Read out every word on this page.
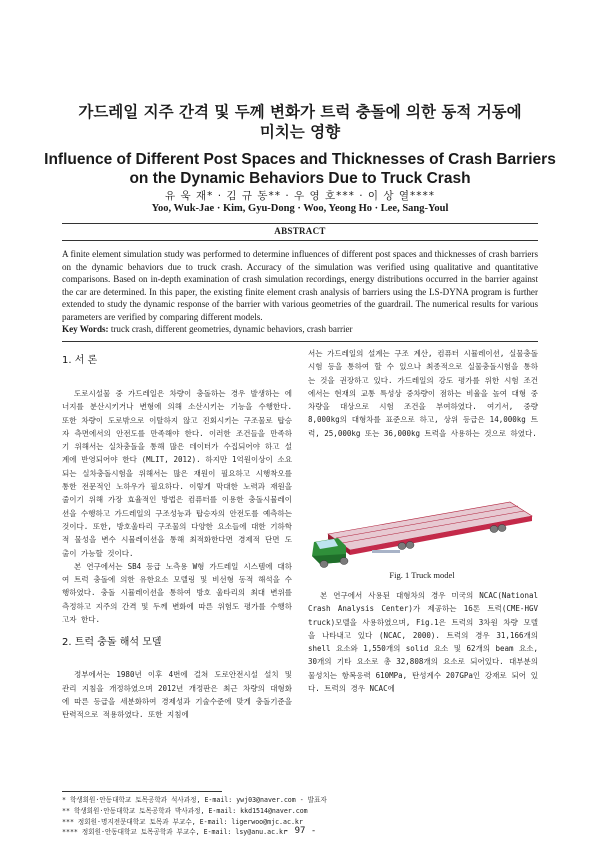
가드레일 지주 간격 및 두께 변화가 트럭 충돌에 의한 동적 거동에
미치는 영향
Influence of Different Post Spaces and Thicknesses of Crash Barriers
on the Dynamic Behaviors Due to Truck Crash
유 욱 재* · 김 규 동** · 우 영 호*** · 이 상 열****
Yoo, Wuk-Jae · Kim, Gyu-Dong · Woo, Yeong Ho · Lee, Sang-Youl
ABSTRACT
A finite element simulation study was performed to determine influences of different post spaces and thicknesses of crash barriers on the dynamic behaviors due to truck crash. Accuracy of the simulation was verified using qualitative and quantitative comparisons. Based on in-depth examination of crash simulation recordings, energy distributions occurred in the barrier against the car are determined. In this paper, the existing finite element crash analysis of barriers using the LS-DYNA program is further extended to study the dynamic response of the barrier with various geometries of the guardrail. The numerical results for various parameters are verified by comparing different models.
Key Words: truck crash, different geometries, dynamic behaviors, crash barrier
1. 서 론

도로시설물 중 가드레일은 차량이 충돌하는 경우 발생하는 에너지를 분산시키거나 변형에 의해 소산시키는 기능을 수행한다. 또한 차량이 도로밖으로 이탈하지 않고 진회시키는 구조물로 탑승자 측면에서의 안전도를 만족해야 한다. 이러한 조건들을 만족하기 위해서는 실차충돌을 통해 많은 데이터가 수집되어야 하고 설계에 반영되어야 한다 (MLIT, 2012). 하지만 1억원이상이 소요되는 실차충돌시험을 위해서는 많은 재원이 필요하고 시행착오를 통한 전문적인 노하우가 필요하다. 이렇게 막대한 노력과 재원을 줄이기 위해 가장 효율적인 방법은 컴퓨터를 이용한 충돌시뮬레이션을 수행하고 가드레일의 구조성능과 탑승자의 안전도를 예측하는 것이다. 또한, 방호울타리 구조물의 다양한 요소들에 대한 기하학적 물성을 변수 시뮬레이션을 통해 최적화한다면 경제적 단면 도출이 가능할 것이다.

본 연구에서는 SB4 등급 노측용 W형 가드레일 시스템에 대하여 트럭 충돌에 의한 유한요소 모델링 및 비선형 동적 해석을 수행하였다. 충돌 시뮬레이션을 통하여 방호 울타리의 최대 변위를 측정하고 지주의 간격 및 두께 변화에 따른 위험도 평가를 수행하고자 한다.

2. 트럭 충돌 해석 모델

정부에서는 1980년 이후 4번에 걸쳐 도로안전시설 설치 및 관리 지침을 개정하였으며 2012년 개정판은 최근 차량의 대형화에 따른 등급을 세분화하여 경제성과 기술수준에 맞게 충돌기준을 탄력적으로 적용하였다. 또한 지침에

서는 가드레일의 설계는 구조 계산, 컴퓨터 시뮬레이션, 실물충돌시험 등을 통하여 할 수 있으나 최종적으로 실물충돌시험을 통하는 것을 권장하고 있다. 가드레일의 강도 평가를 위한 시험 조건에서는 현재의 교통 특성상 중차량이 점하는 비율을 높여 대형 중차량을 대상으로 시험 조건을 부여하였다. 여기서, 중량 8,000kg의 대형차를 표준으로 하고, 상위 등급은 14,000kg 트럭, 25,000kg 또는 36,000kg 트럭을 사용하는 것으로 하였다.

Fig. 1 Truck model

본 연구에서 사용된 대형차의 경우 미국의 NCAC(National Crash Analysis Center)가 제공하는 16톤 트럭(CME-HGV truck)모델을 사용하였으며, Fig.1은 트럭의 3차원 차량 모델을 나타내고 있다 (NCAC, 2000). 트럭의 경우 31,166개의 shell 요소와 1,550개의 solid 요소 및 62개의 beam 요소, 30개의 기타 요소로 총 32,808개의 요소로 되어있다. 대부분의 물성치는 항복응력 610MPa, 탄성계수 207GPa인 강재로 되어 있다. 트럭의 경우 NCAC에

* 학생회원·안동대학교 토목공학과 석사과정, E-mail: ywj03@naver.com - 발표자
** 학생회원·안동대학교 토목공학과 박사과정, E-mail: kkd1514@naver.com
*** 정회원·명지전문대학교 토목과 부교수, E-mail: ligerwoo@mjc.ac.kr
**** 정회원·안동대학교 토목공학과 부교수, E-mail: lsy@anu.ac.kr
- 97 -
